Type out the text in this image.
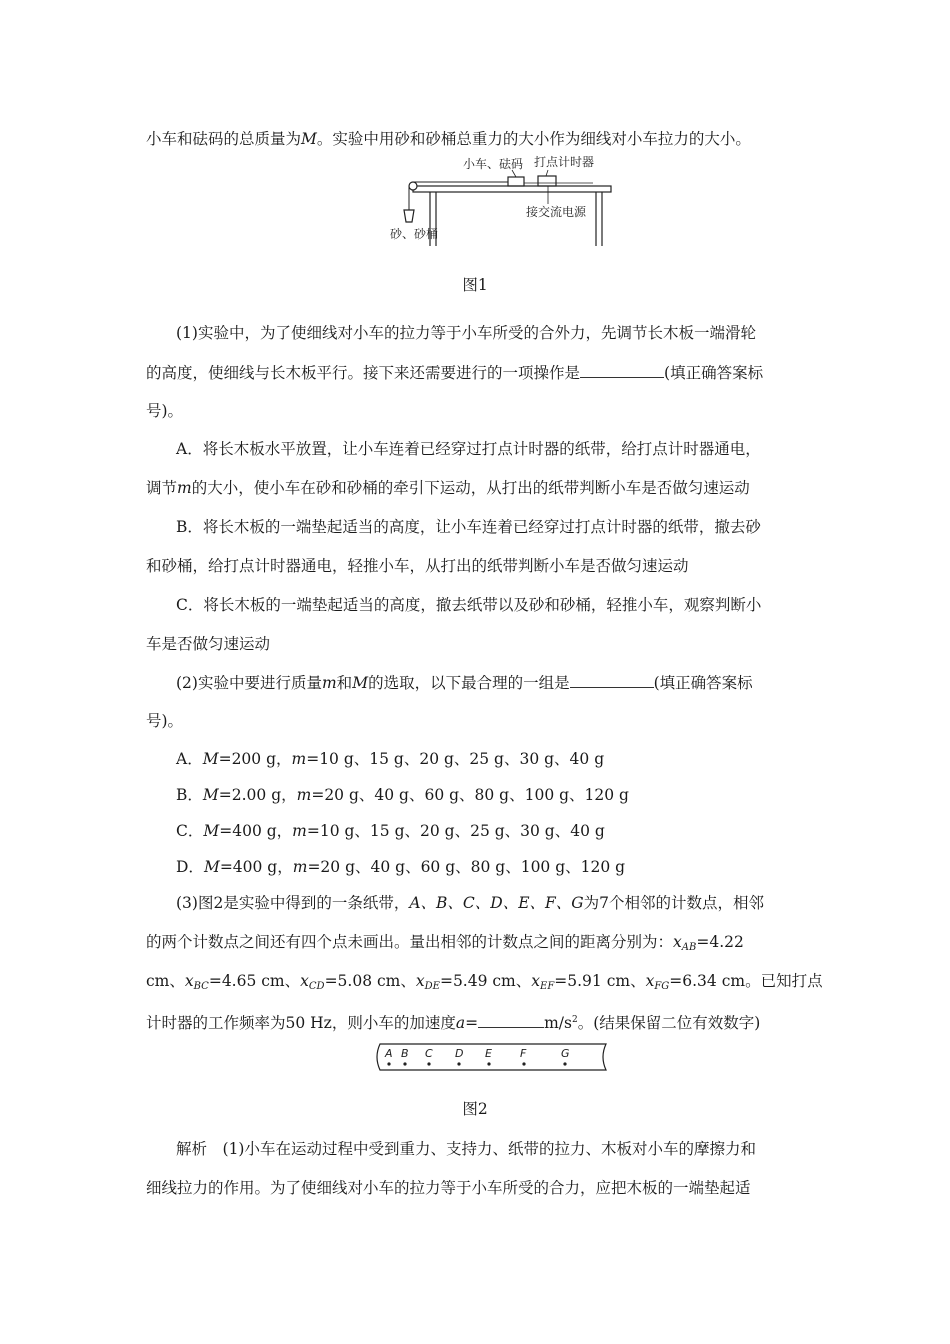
小车和砝码的总质量为M。实验中用砂和砂桶总重力的大小作为细线对小车拉力的大小。
小车、砝码 打点计时器
接交流电源
砂、砂桶
图1
(1)实验中，为了使细线对小车的拉力等于小车所受的合外力，先调节长木板一端滑轮
的高度，使细线与长木板平行。接下来还需要进行的一项操作是	(填正确答案标
号)。
A．将长木板水平放置，让小车连着已经穿过打点计时器的纸带，给打点计时器通电，
调节m的大小，使小车在砂和砂桶的牵引下运动，从打出的纸带判断小车是否做匀速运动
B．将长木板的一端垫起适当的高度，让小车连着已经穿过打点计时器的纸带，撤去砂
和砂桶，给打点计时器通电，轻推小车，从打出的纸带判断小车是否做匀速运动
C．将长木板的一端垫起适当的高度，撤去纸带以及砂和砂桶，轻推小车，观察判断小
车是否做匀速运动
(2)实验中要进行质量m和M的选取，以下最合理的一组是	(填正确答案标
号)。
A．M=200 g，m=10 g、15 g、20 g、25 g、30 g、40 g
B．M=2.00 g，m=20 g、40 g、60 g、80 g、100 g、120 g
C．M=400 g，m=10 g、15 g、20 g、25 g、30 g、40 g
D．M=400 g，m=20 g、40 g、60 g、80 g、100 g、120 g
(3)图2是实验中得到的一条纸带，A、B、C、D、E、F、G为7个相邻的计数点，相邻
的两个计数点之间还有四个点未画出。量出相邻的计数点之间的距离分别为：$x_{AB}=4.22$
cm、$x_{BC}=4.65$ cm、$x_{CD}=5.08$ cm、$x_{DE}=5.49$ cm、$x_{EF}=5.91$ cm、$x_{FG}=6.34$ cm。已知打点
计时器的工作频率为50 Hz，则小车的加速度a=	$m/s^2$。(结果保留二位有效数字)
A B C D E	F	G
图2
解析  (1)小车在运动过程中受到重力、支持力、纸带的拉力、木板对小车的摩擦力和
细线拉力的作用。为了使细线对小车的拉力等于小车所受的合力，应把木板的一端垫起适
